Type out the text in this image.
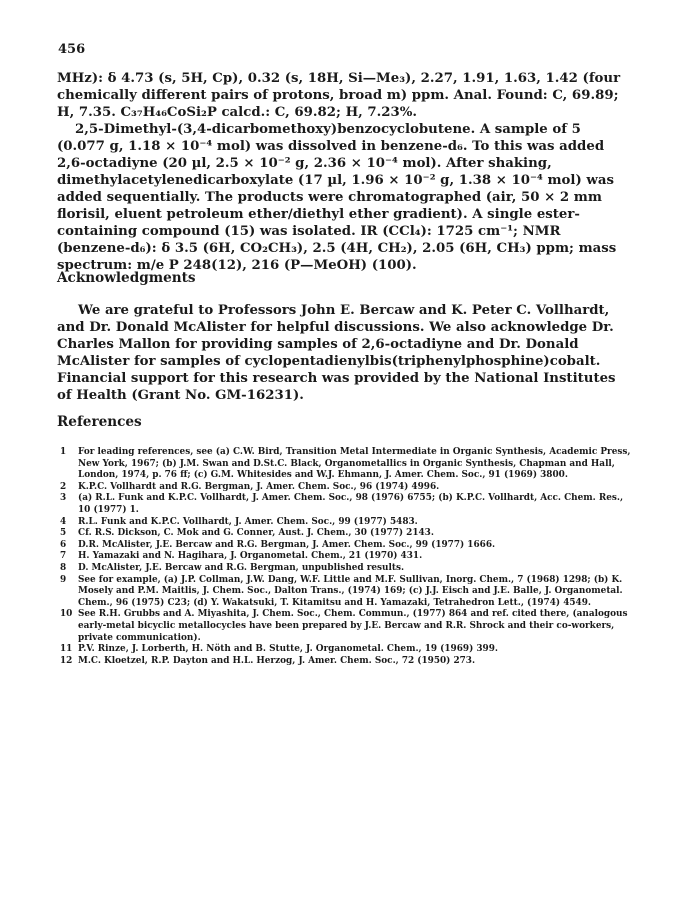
456

MHz): δ 4.73 (s, 5H, Cp), 0.32 (s, 18H, Si—Me₃), 2.27, 1.91, 1.63, 1.42 (four chemically different pairs of protons, broad m) ppm. Anal. Found: C, 69.89; H, 7.35. C₃₇H₄₆CoSi₂P calcd.: C, 69.82; H, 7.23%.

2,5-Dimethyl-(3,4-dicarbomethoxy)benzocyclobutene. A sample of 5 (0.077 g, 1.18 × 10⁻⁴ mol) was dissolved in benzene-d₆. To this was added 2,6-octadiyne (20 µl, 2.5 × 10⁻² g, 2.36 × 10⁻⁴ mol). After shaking, dimethylacetylenedicarboxylate (17 µl, 1.96 × 10⁻² g, 1.38 × 10⁻⁴ mol) was added sequentially. The products were chromatographed (air, 50 × 2 mm florisil, eluent petroleum ether/diethyl ether gradient). A single ester-containing compound (15) was isolated. IR (CCl₄): 1725 cm⁻¹; NMR (benzene-d₆): δ 3.5 (6H, CO₂CH₃), 2.5 (4H, CH₂), 2.05 (6H, CH₃) ppm; mass spectrum: m/e P 248(12), 216 (P—MeOH) (100).

Acknowledgments

We are grateful to Professors John E. Bercaw and K. Peter C. Vollhardt, and Dr. Donald McAlister for helpful discussions. We also acknowledge Dr. Charles Mallon for providing samples of 2,6-octadiyne and Dr. Donald McAlister for samples of cyclopentadienylbis(triphenylphosphine)cobalt. Financial support for this research was provided by the National Institutes of Health (Grant No. GM-16231).

References
1	For leading references, see (a) C.W. Bird, Transition Metal Intermediate in Organic Synthesis, Academic Press, New York, 1967; (b) J.M. Swan and D.St.C. Black, Organometallics in Organic Synthesis, Chapman and Hall, London, 1974, p. 76 ff; (c) G.M. Whitesides and W.J. Ehmann, J. Amer. Chem. Soc., 91 (1969) 3800.
2	K.P.C. Vollhardt and R.G. Bergman, J. Amer. Chem. Soc., 96 (1974) 4996.
3	(a) R.L. Funk and K.P.C. Vollhardt, J. Amer. Chem. Soc., 98 (1976) 6755; (b) K.P.C. Vollhardt, Acc. Chem. Res., 10 (1977) 1.
4	R.L. Funk and K.P.C. Vollhardt, J. Amer. Chem. Soc., 99 (1977) 5483.
5	Cf. R.S. Dickson, C. Mok and G. Conner, Aust. J. Chem., 30 (1977) 2143.
6	D.R. McAlister, J.E. Bercaw and R.G. Bergman, J. Amer. Chem. Soc., 99 (1977) 1666.
7	H. Yamazaki and N. Hagihara, J. Organometal. Chem., 21 (1970) 431.
8	D. McAlister, J.E. Bercaw and R.G. Bergman, unpublished results.
9	See for example, (a) J.P. Collman, J.W. Dang, W.F. Little and M.F. Sullivan, Inorg. Chem., 7 (1968) 1298; (b) K. Mosely and P.M. Maitlis, J. Chem. Soc., Dalton Trans., (1974) 169; (c) J.J. Eisch and J.E. Balle, J. Organometal. Chem., 96 (1975) C23; (d) Y. Wakatsuki, T. Kitamitsu and H. Yamazaki, Tetrahedron Lett., (1974) 4549.
10 See R.H. Grubbs and A. Miyashita, J. Chem. Soc., Chem. Commun., (1977) 864 and ref. cited there, (analogous early-metal bicyclic metallocycles have been prepared by J.E. Bercaw and R.R. Shrock and their co-workers, private communication).
11 P.V. Rinze, J. Lorberth, H. Nöth and B. Stutte, J. Organometal. Chem., 19 (1969) 399.
12 M.C. Kloetzel, R.P. Dayton and H.L. Herzog, J. Amer. Chem. Soc., 72 (1950) 273.
